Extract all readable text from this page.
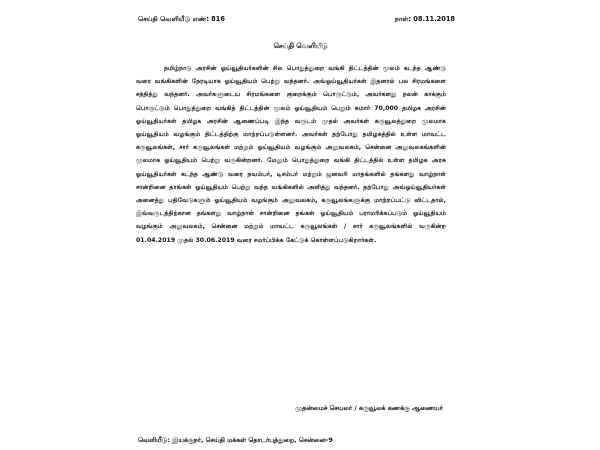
செய்தி வெளியீடு எண்: 816	நாள்: 08.11.2018
செய்தி வெளியீடு

தமிழ்நாடு அரசின் ஓய்வூதியர்களின் சில பொதுத்துறை வங்கி திட்டத்தின் மூலம் கடந்த ஆண்டு வரை வங்கிகளின் நேரடியாக ஓய்வூதியம் பெற்று வந்தனர். அவ்ஓய்வூதியர்கள் இதனால் பல சிரமங்களை சந்தித்து வந்தனர். அவர்களுடைய சிரமங்களை குறைக்கும் பொருட்டும், அவர்களது நலன் காக்கும் பொருட்டும் பொதுத்துறை வங்கித் திட்டத்தின் மூலம் ஓய்வூதியம் பெறும் சுமார் 70,000 தமிழக அரசின் ஓய்வூதியர்கள் தமிழக அரசின் ஆணைப்படி இந்த வருடம் முதல் அவர்கள் கருவூலத்துறை மூலமாக ஓய்வூதியம் வழங்கும் திட்டத்திற்கு மாற்றப்படுள்ளனர். அவர்கள் தற்போது தமிழகத்தில் உள்ள மாவட்ட கருவூலங்கள், சார் கருவூலங்கள் மற்றும் ஓய்வூதியம் வழங்கும் அலுவலகம், சென்னை அலுவலகங்களின் மூலமாக ஓய்வூதியம் பெற்று வருகின்றனர். மேலும் பொதுத்துறை வங்கி திட்டத்தில் உள்ள தமிழக அரசு ஓய்வூதியர்கள் கடந்த ஆண்டு வரை நவம்பர், டிசம்பர் மற்றும் ஜனவரி மாதங்களில் தங்களது வாழ்நாள் சான்றினை தாங்கள் ஓய்வூதியம் பெற்று வந்த வங்கிகளில் அளித்து வந்தனர். தற்போது அவ்ஓய்வூதியர்கள் அனைத்து பதிவேடுகளும் ஓய்வூதியம் வழங்கும் அலுவலகம், கருவூலங்களுக்கு மாற்றப்பட்டு விட்டதால், இவ்வருடத்திற்கான தங்களது வாழ்நாள் சான்றினை தங்கள் ஓய்வூதியம் பராமரிக்கப்படும் ஓய்வூதியம் வழங்கும் அலுவலகம், சென்னை மற்றும் மாவட்ட கருவூலங்கள் / சார் கருவூலங்களில் வருகின்ற 01.04.2019 முதல் 30.06.2019 வரை சமர்ப்பிக்க கேட்டுக் கொள்ளப்படுகிறார்கள்.

முதன்மைச் செயலர் / கருவூலக் கணக்கு ஆணையர்
வெளியீடு: இயக்குநர், செய்தி மக்கள் தொடர்புத்துறை, சென்னை-9
